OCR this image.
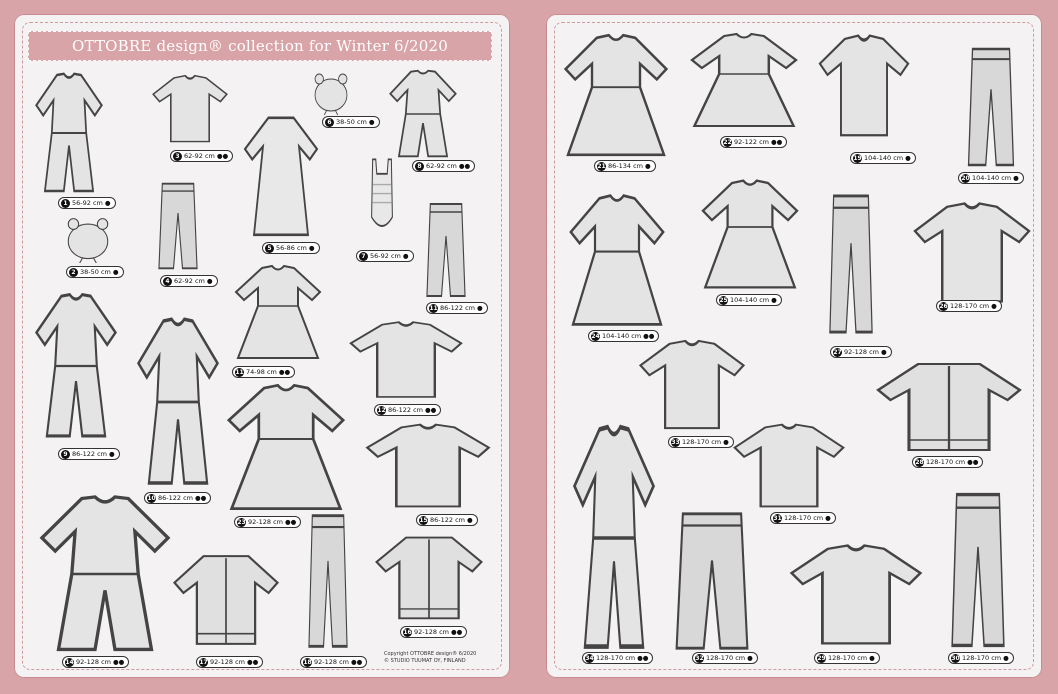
OTTOBRE design® collection for Winter 6/2020
1 56-92 cm ●
2 38-50 cm ●
3 62-92 cm ●●
4 62-92 cm ●
5 56-86 cm ●
6 38-50 cm ●
7 56-92 cm ●
8 62-92 cm ●●
9 86-122 cm ●
10 86-122 cm ●●
11 86-122 cm ●
11 74-98 cm ●●
12 86-122 cm ●●
14 92-128 cm ●●
15 86-122 cm ●
16 92-128 cm ●●
17 92-128 cm ●●	18 92-128 cm ●●
23 92-128 cm ●●
21 86-134 cm ●
22 92-122 cm ●●
19 104-140 cm ●
20 104-140 cm ●
24 104-140 cm ●●
25 104-140 cm ●
27 92-128 cm ●
26 128-170 cm ●
33 128-170 cm ●
28 128-170 cm ●●
34 128-170 cm ●●
31 128-170 cm ●
32 128-170 cm ●	29 128-170 cm ●	30 128-170 cm ●
Copyright OTTOBRE design® 6/2020
© STUDIO TUUMAT OY, FINLAND
